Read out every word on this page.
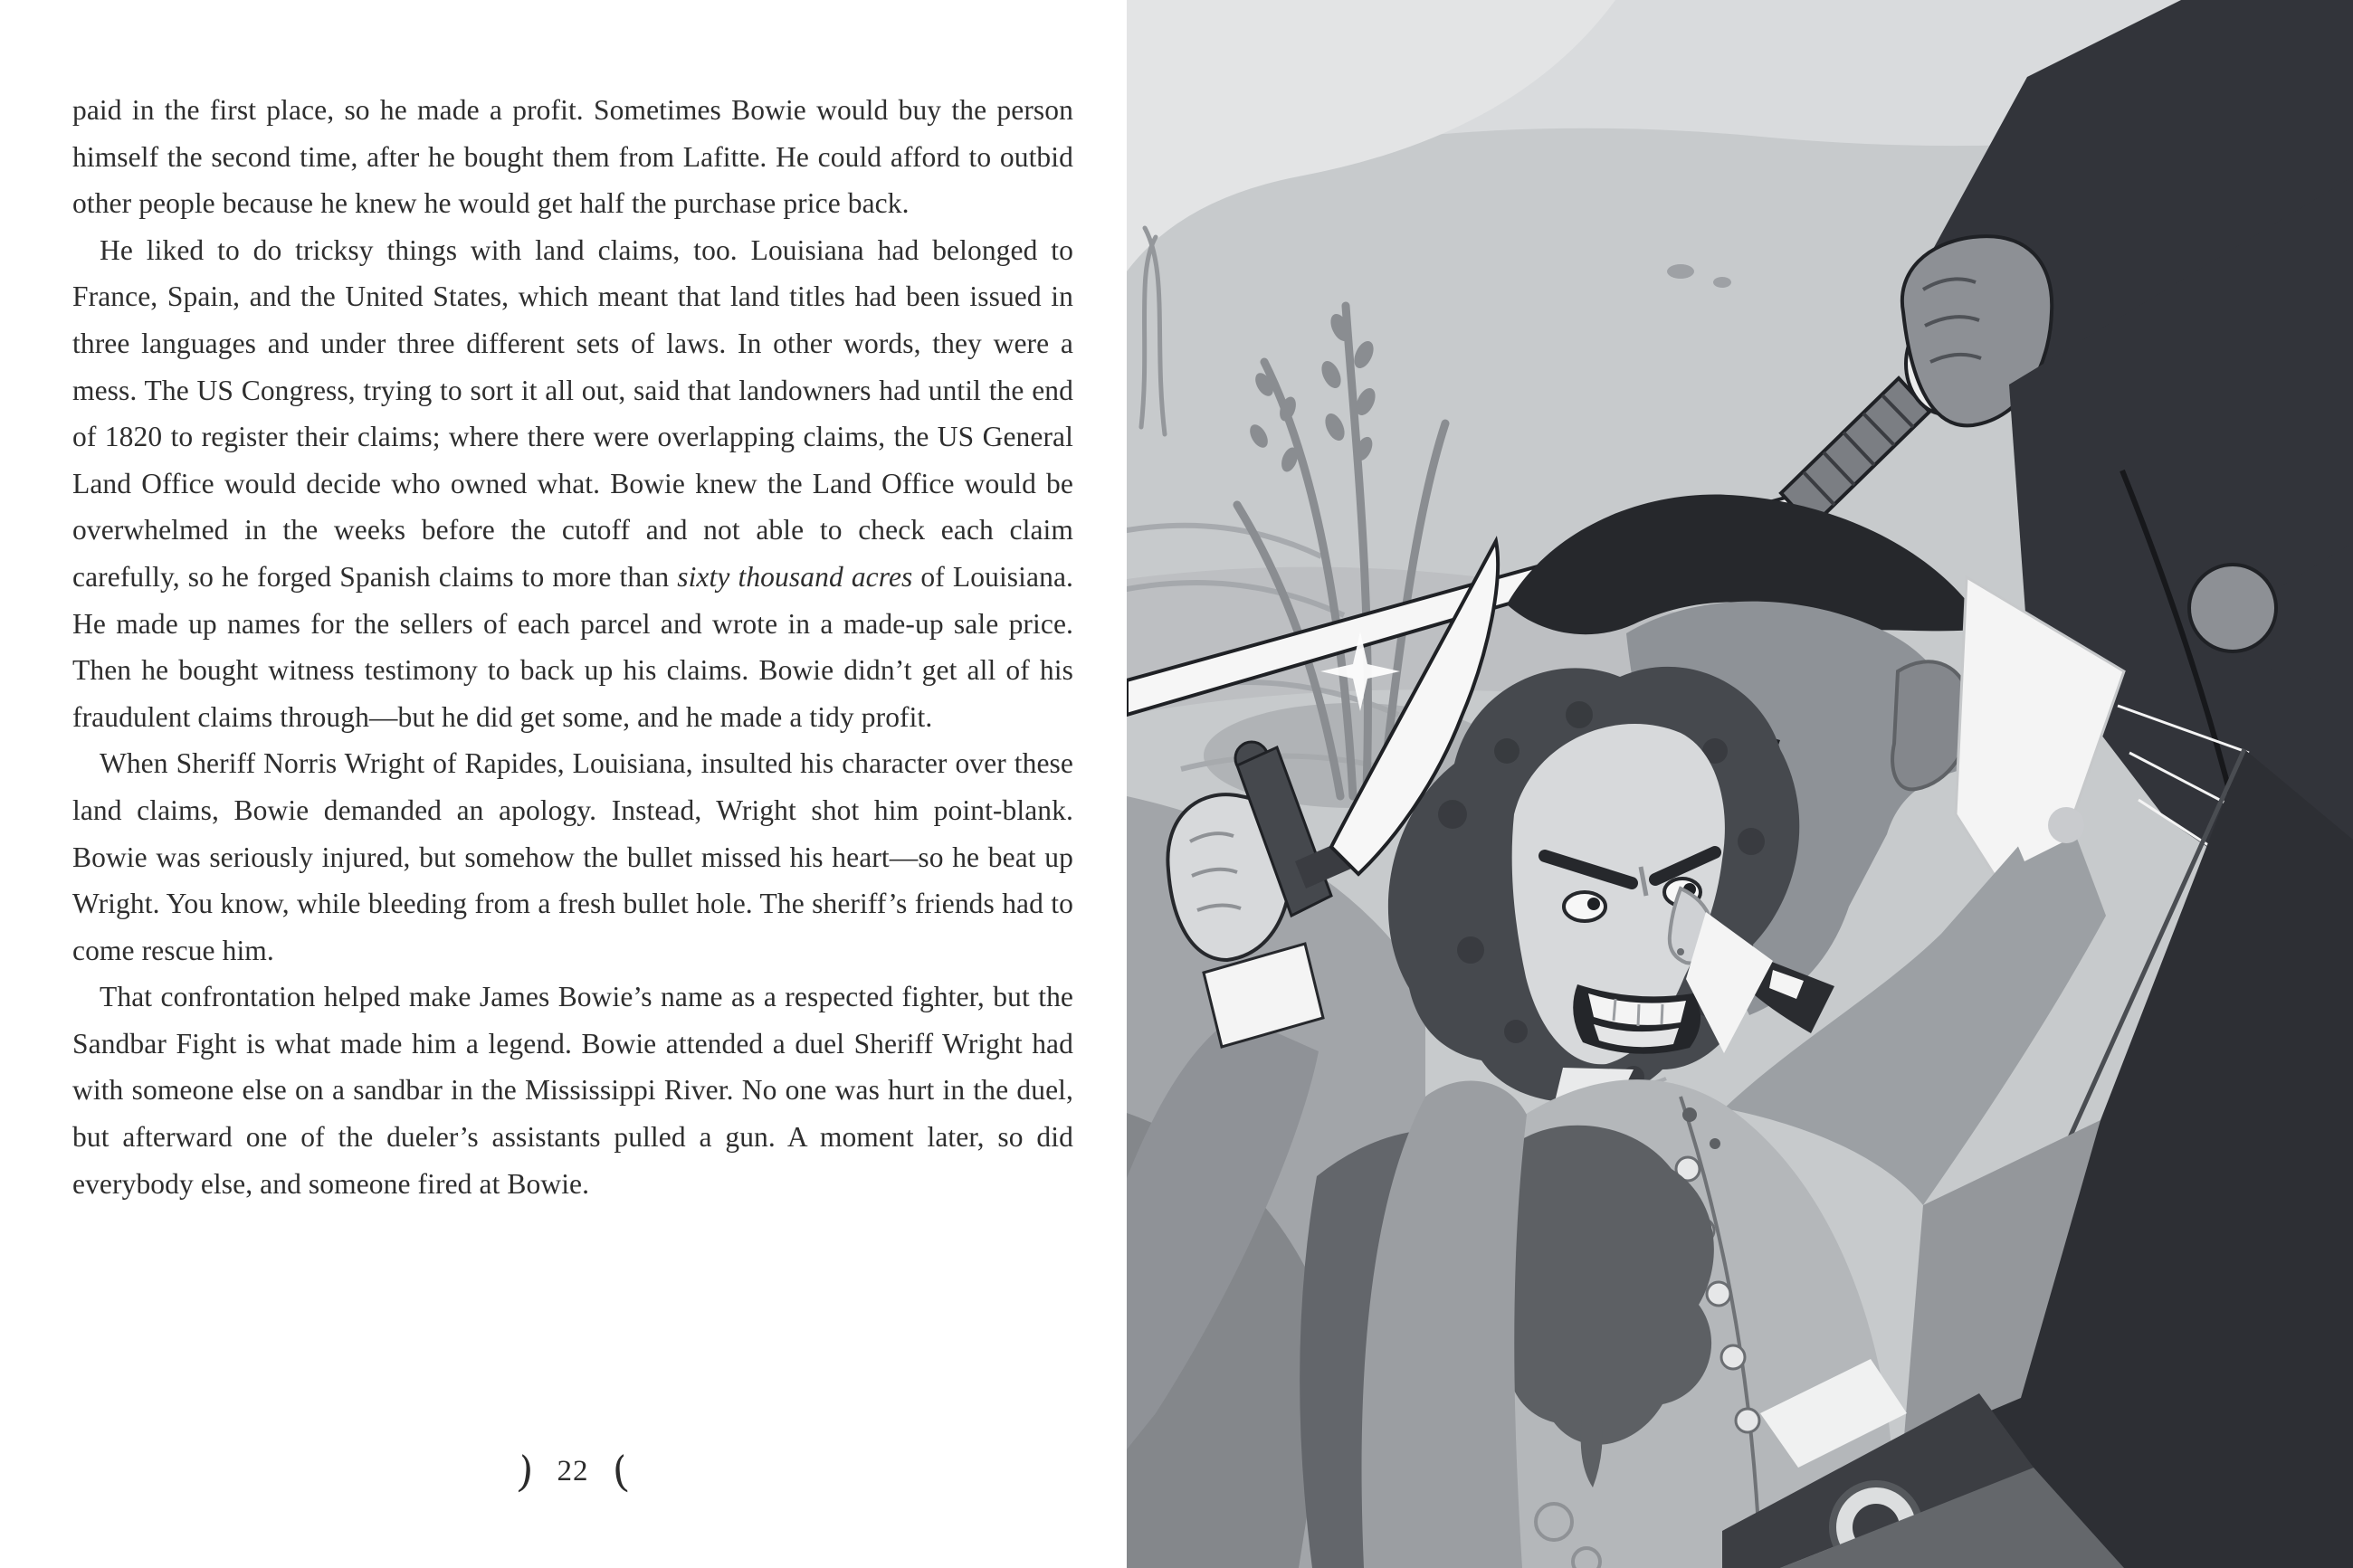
paid in the first place, so he made a profit. Sometimes Bowie would buy the person himself the second time, after he bought them from Lafitte. He could afford to outbid other people because he knew he would get half the purchase price back.

He liked to do tricksy things with land claims, too. Louisiana had belonged to France, Spain, and the United States, which meant that land titles had been issued in three languages and under three different sets of laws. In other words, they were a mess. The US Congress, trying to sort it all out, said that landowners had until the end of 1820 to register their claims; where there were overlapping claims, the US General Land Office would decide who owned what. Bowie knew the Land Office would be overwhelmed in the weeks before the cutoff and not able to check each claim carefully, so he forged Spanish claims to more than sixty thousand acres of Louisiana. He made up names for the sellers of each parcel and wrote in a made-up sale price. Then he bought witness testimony to back up his claims. Bowie didn’t get all of his fraudulent claims through—but he did get some, and he made a tidy profit.

When Sheriff Norris Wright of Rapides, Louisiana, insulted his character over these land claims, Bowie demanded an apology. Instead, Wright shot him point-blank. Bowie was seriously injured, but somehow the bullet missed his heart—so he beat up Wright. You know, while bleeding from a fresh bullet hole. The sheriff’s friends had to come rescue him.

That confrontation helped make James Bowie’s name as a respected fighter, but the Sandbar Fight is what made him a legend. Bowie attended a duel Sheriff Wright had with someone else on a sandbar in the Mississippi River. No one was hurt in the duel, but afterward one of the dueler’s assistants pulled a gun. A moment later, so did everybody else, and someone fired at Bowie.

) 22 (
